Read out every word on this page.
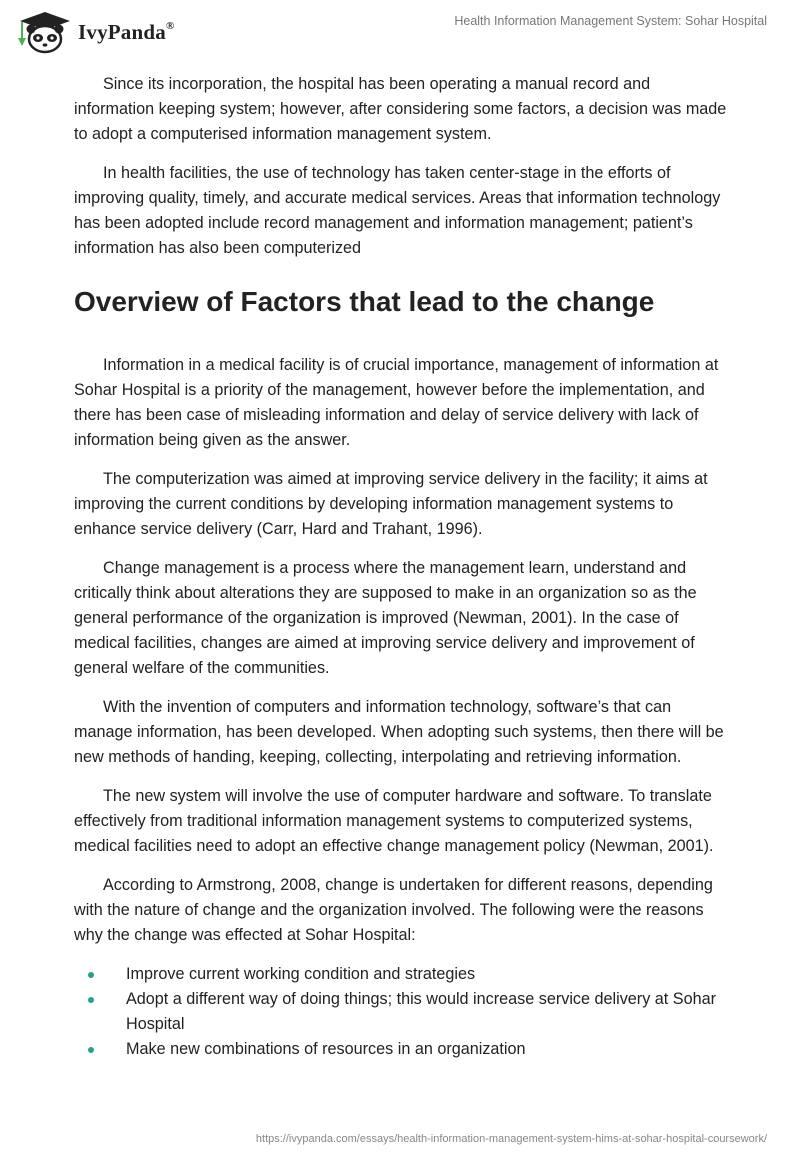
IvyPanda®	Health Information Management System: Sohar Hospital

Since its incorporation, the hospital has been operating a manual record and information keeping system; however, after considering some factors, a decision was made to adopt a computerised information management system.

In health facilities, the use of technology has taken center-stage in the efforts of improving quality, timely, and accurate medical services. Areas that information technology has been adopted include record management and information management; patient’s information has also been computerized

Overview of Factors that lead to the change

Information in a medical facility is of crucial importance, management of information at Sohar Hospital is a priority of the management, however before the implementation, and there has been case of misleading information and delay of service delivery with lack of information being given as the answer.

The computerization was aimed at improving service delivery in the facility; it aims at improving the current conditions by developing information management systems to enhance service delivery (Carr, Hard and Trahant, 1996).

Change management is a process where the management learn, understand and critically think about alterations they are supposed to make in an organization so as the general performance of the organization is improved (Newman, 2001). In the case of medical facilities, changes are aimed at improving service delivery and improvement of general welfare of the communities.

With the invention of computers and information technology, software’s that can manage information, has been developed. When adopting such systems, then there will be new methods of handing, keeping, collecting, interpolating and retrieving information.

The new system will involve the use of computer hardware and software. To translate effectively from traditional information management systems to computerized systems, medical facilities need to adopt an effective change management policy (Newman, 2001).

According to Armstrong, 2008, change is undertaken for different reasons, depending with the nature of change and the organization involved. The following were the reasons why the change was effected at Sohar Hospital:

Improve current working condition and strategies
Adopt a different way of doing things; this would increase service delivery at Sohar Hospital
Make new combinations of resources in an organization
https://ivypanda.com/essays/health-information-management-system-hims-at-sohar-hospital-coursework/
